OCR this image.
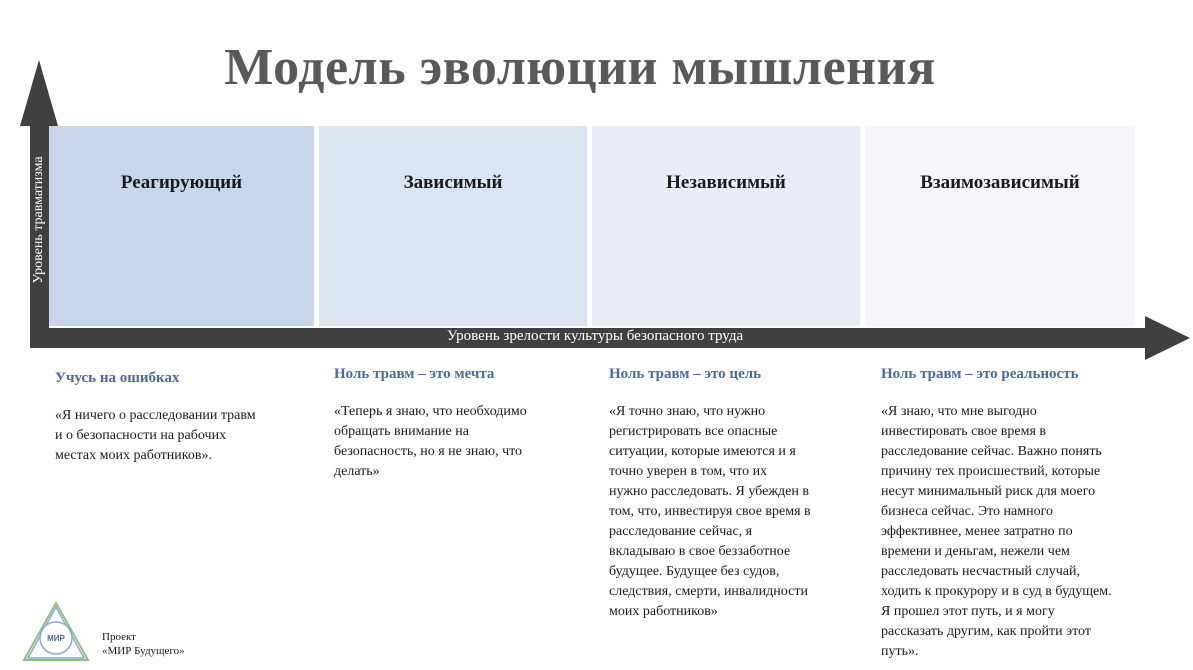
Модель эволюции мышления
Реагирующий	Зависимый	Независимый	Взаимозависимый
Уровень травматизма
Уровень зрелости культуры безопасного труда

Учусь на ошибках

«Я ничего о расследовании травм
и о безопасности на рабочих
местах моих работников».

Ноль травм – это мечта

«Теперь я знаю, что необходимо
обращать внимание на
безопасность, но я не знаю, что
делать»

Ноль травм – это цель

«Я точно знаю, что нужно
регистрировать все опасные
ситуации, которые имеются и я
точно уверен в том, что их
нужно расследовать. Я убежден в
том, что, инвестируя свое время в
расследование сейчас, я
вкладываю в свое беззаботное
будущее. Будущее без судов,
следствия, смерти, инвалидности
моих работников»

Ноль травм – это реальность

«Я знаю, что мне выгодно
инвестировать свое время в
расследование сейчас. Важно понять
причину тех происшествий, которые
несут минимальный риск для моего
бизнеса сейчас. Это намного
эффективнее, менее затратно по
времени и деньгам, нежели чем
расследовать несчастный случай,
ходить к прокурору и в суд в будущем.
Я прошел этот путь, и я могу
рассказать другим, как пройти этот
путь».

МИР	Проект
«МИР Будущего»
